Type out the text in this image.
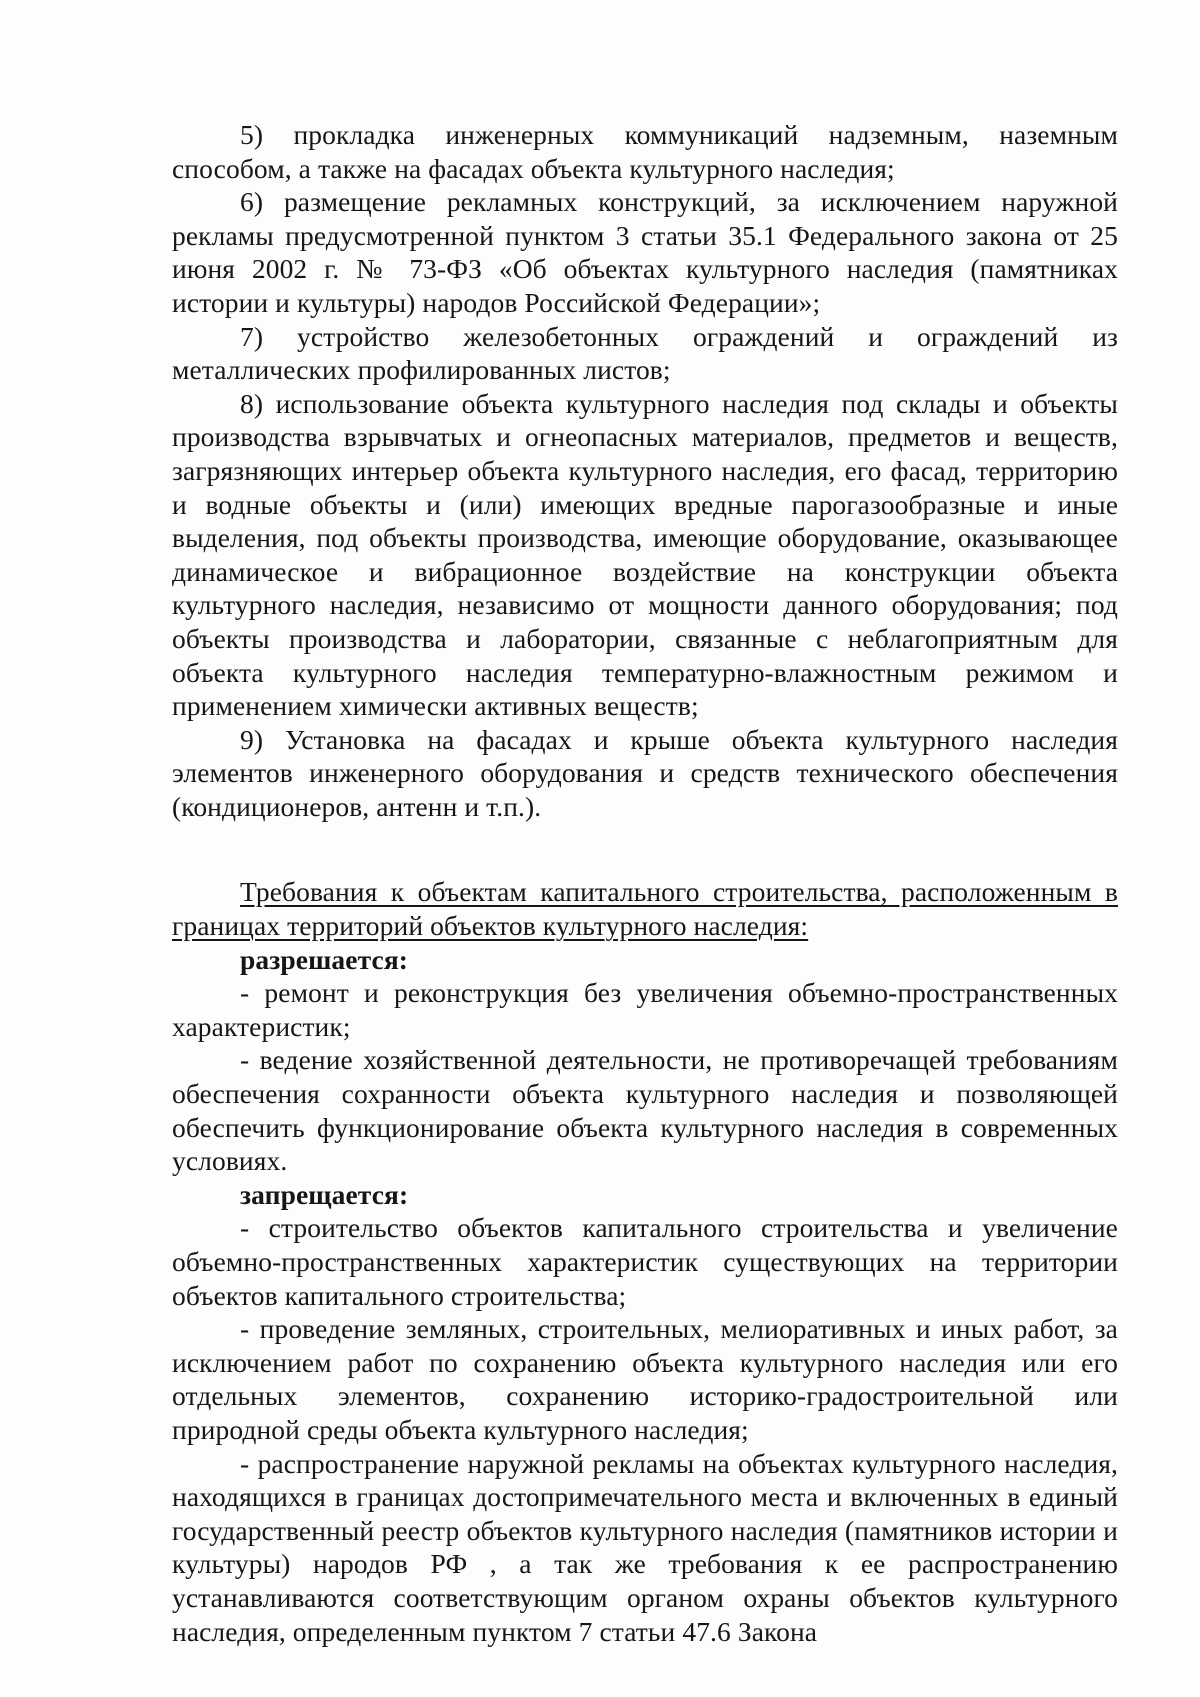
5) прокладка инженерных коммуникаций надземным, наземным способом, а также на фасадах объекта культурного наследия;

6) размещение рекламных конструкций, за исключением наружной рекламы предусмотренной пунктом 3 статьи 35.1 Федерального закона от 25 июня 2002 г. № 73-ФЗ «Об объектах культурного наследия (памятниках истории и культуры) народов Российской Федерации»;

7) устройство железобетонных ограждений и ограждений из металлических профилированных листов;

8) использование объекта культурного наследия под склады и объекты производства взрывчатых и огнеопасных материалов, предметов и веществ, загрязняющих интерьер объекта культурного наследия, его фасад, территорию и водные объекты и (или) имеющих вредные парогазообразные и иные выделения, под объекты производства, имеющие оборудование, оказывающее динамическое и вибрационное воздействие на конструкции объекта культурного наследия, независимо от мощности данного оборудования; под объекты производства и лаборатории, связанные с неблагоприятным для объекта культурного наследия температурно-влажностным режимом и применением химически активных веществ;

9) Установка на фасадах и крыше объекта культурного наследия элементов инженерного оборудования и средств технического обеспечения (кондиционеров, антенн и т.п.).

Требования к объектам капитального строительства, расположенным в границах территорий объектов культурного наследия:

разрешается:

- ремонт и реконструкция без увеличения объемно-пространственных характеристик;

- ведение хозяйственной деятельности, не противоречащей требованиям обеспечения сохранности объекта культурного наследия и позволяющей обеспечить функционирование объекта культурного наследия в современных условиях.

запрещается:

- строительство объектов капитального строительства и увеличение объемно-пространственных характеристик существующих на территории объектов капитального строительства;

- проведение земляных, строительных, мелиоративных и иных работ, за исключением работ по сохранению объекта культурного наследия или его отдельных элементов, сохранению историко-градостроительной или природной среды объекта культурного наследия;

- распространение наружной рекламы на объектах культурного наследия, находящихся в границах достопримечательного места и включенных в единый государственный реестр объектов культурного наследия (памятников истории и культуры) народов РФ , а так же требования к ее распространению устанавливаются соответствующим органом охраны объектов культурного наследия, определенным пунктом 7 статьи 47.6 Закона
